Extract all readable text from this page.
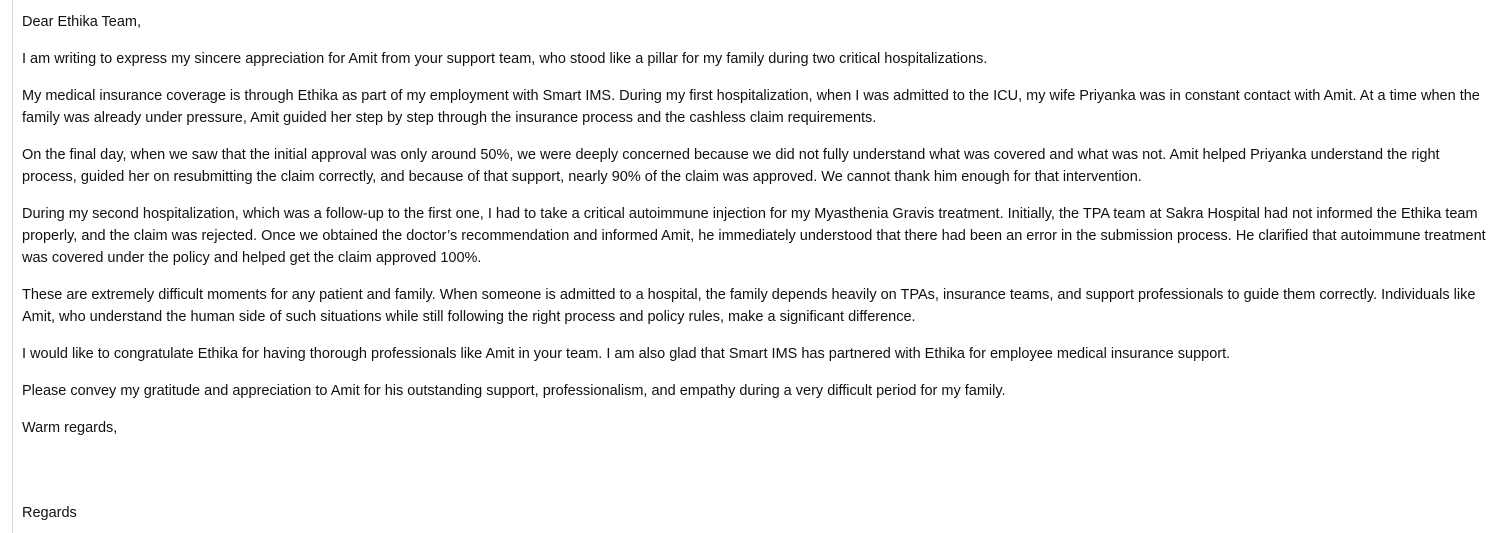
Dear Ethika Team,

I am writing to express my sincere appreciation for Amit from your support team, who stood like a pillar for my family during two critical hospitalizations.

My medical insurance coverage is through Ethika as part of my employment with Smart IMS. During my first hospitalization, when I was admitted to the ICU, my wife Priyanka was in constant contact with Amit. At a time when the family was already under pressure, Amit guided her step by step through the insurance process and the cashless claim requirements.

On the final day, when we saw that the initial approval was only around 50%, we were deeply concerned because we did not fully understand what was covered and what was not. Amit helped Priyanka understand the right process, guided her on resubmitting the claim correctly, and because of that support, nearly 90% of the claim was approved. We cannot thank him enough for that intervention.

During my second hospitalization, which was a follow-up to the first one, I had to take a critical autoimmune injection for my Myasthenia Gravis treatment. Initially, the TPA team at Sakra Hospital had not informed the Ethika team properly, and the claim was rejected. Once we obtained the doctor’s recommendation and informed Amit, he immediately understood that there had been an error in the submission process. He clarified that autoimmune treatment was covered under the policy and helped get the claim approved 100%.

These are extremely difficult moments for any patient and family. When someone is admitted to a hospital, the family depends heavily on TPAs, insurance teams, and support professionals to guide them correctly. Individuals like Amit, who understand the human side of such situations while still following the right process and policy rules, make a significant difference.

I would like to congratulate Ethika for having thorough professionals like Amit in your team. I am also glad that Smart IMS has partnered with Ethika for employee medical insurance support.

Please convey my gratitude and appreciation to Amit for his outstanding support, professionalism, and empathy during a very difficult period for my family.

Warm regards,

Regards
